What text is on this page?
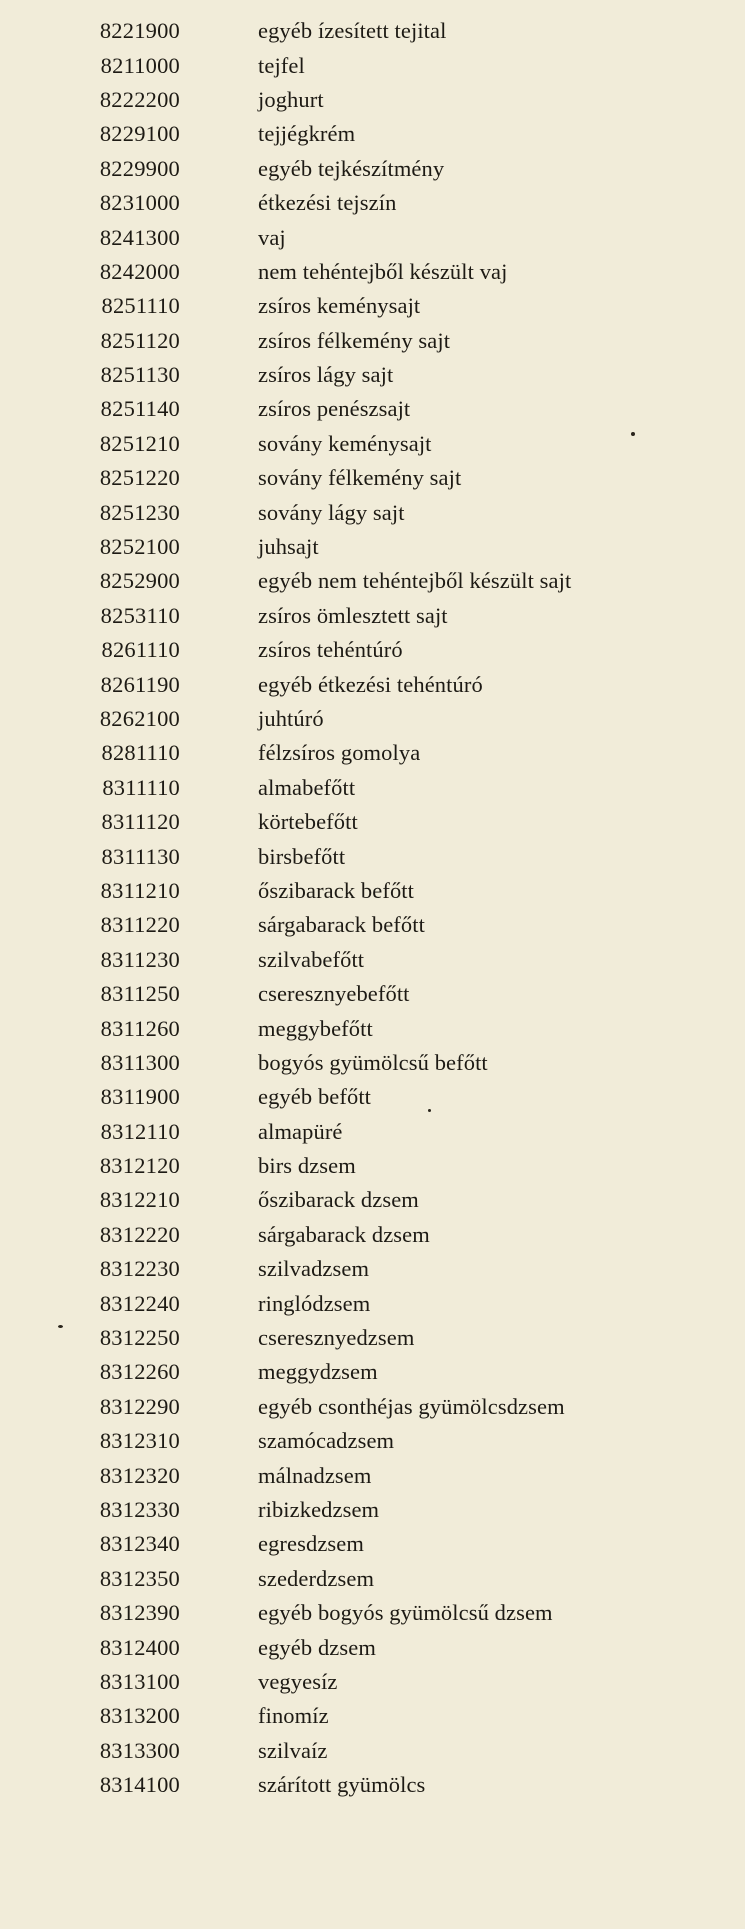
8221900	egyéb ízesített tejital
8211000	tejfel
8222200	joghurt
8229100	tejjégkrém
8229900	egyéb tejkészítmény
8231000	étkezési tejszín
8241300	vaj
8242000	nem tehéntejből készült vaj
8251110	zsíros keménysajt
8251120	zsíros félkemény sajt
8251130	zsíros lágy sajt
8251140	zsíros penészsajt
8251210	sovány keménysajt
8251220	sovány félkemény sajt
8251230	sovány lágy sajt
8252100	juhsajt
8252900	egyéb nem tehéntejből készült sajt
8253110	zsíros ömlesztett sajt
8261110	zsíros tehéntúró
8261190	egyéb étkezési tehéntúró
8262100	juhtúró
8281110	félzsíros gomolya
8311110	almabefőtt
8311120	körtebefőtt
8311130	birsbefőtt
8311210	őszibarack befőtt
8311220	sárgabarack befőtt
8311230	szilvabefőtt
8311250	cseresznyebefőtt
8311260	meggybefőtt
8311300	bogyós gyümölcsű befőtt
8311900	egyéb befőtt
8312110	almapüré
8312120	birs dzsem
8312210	őszibarack dzsem
8312220	sárgabarack dzsem
8312230	szilvadzsem
8312240	ringlódzsem
8312250	cseresznyedzsem
8312260	meggydzsem
8312290	egyéb csonthéjas gyümölcsdzsem
8312310	szamócadzsem
8312320	málnadzsem
8312330	ribizkedzsem
8312340	egresdzsem
8312350	szederdzsem
8312390	egyéb bogyós gyümölcsű dzsem
8312400	egyéb dzsem
8313100	vegyesíz
8313200	finomíz
8313300	szilvaíz
8314100	szárított gyümölcs
